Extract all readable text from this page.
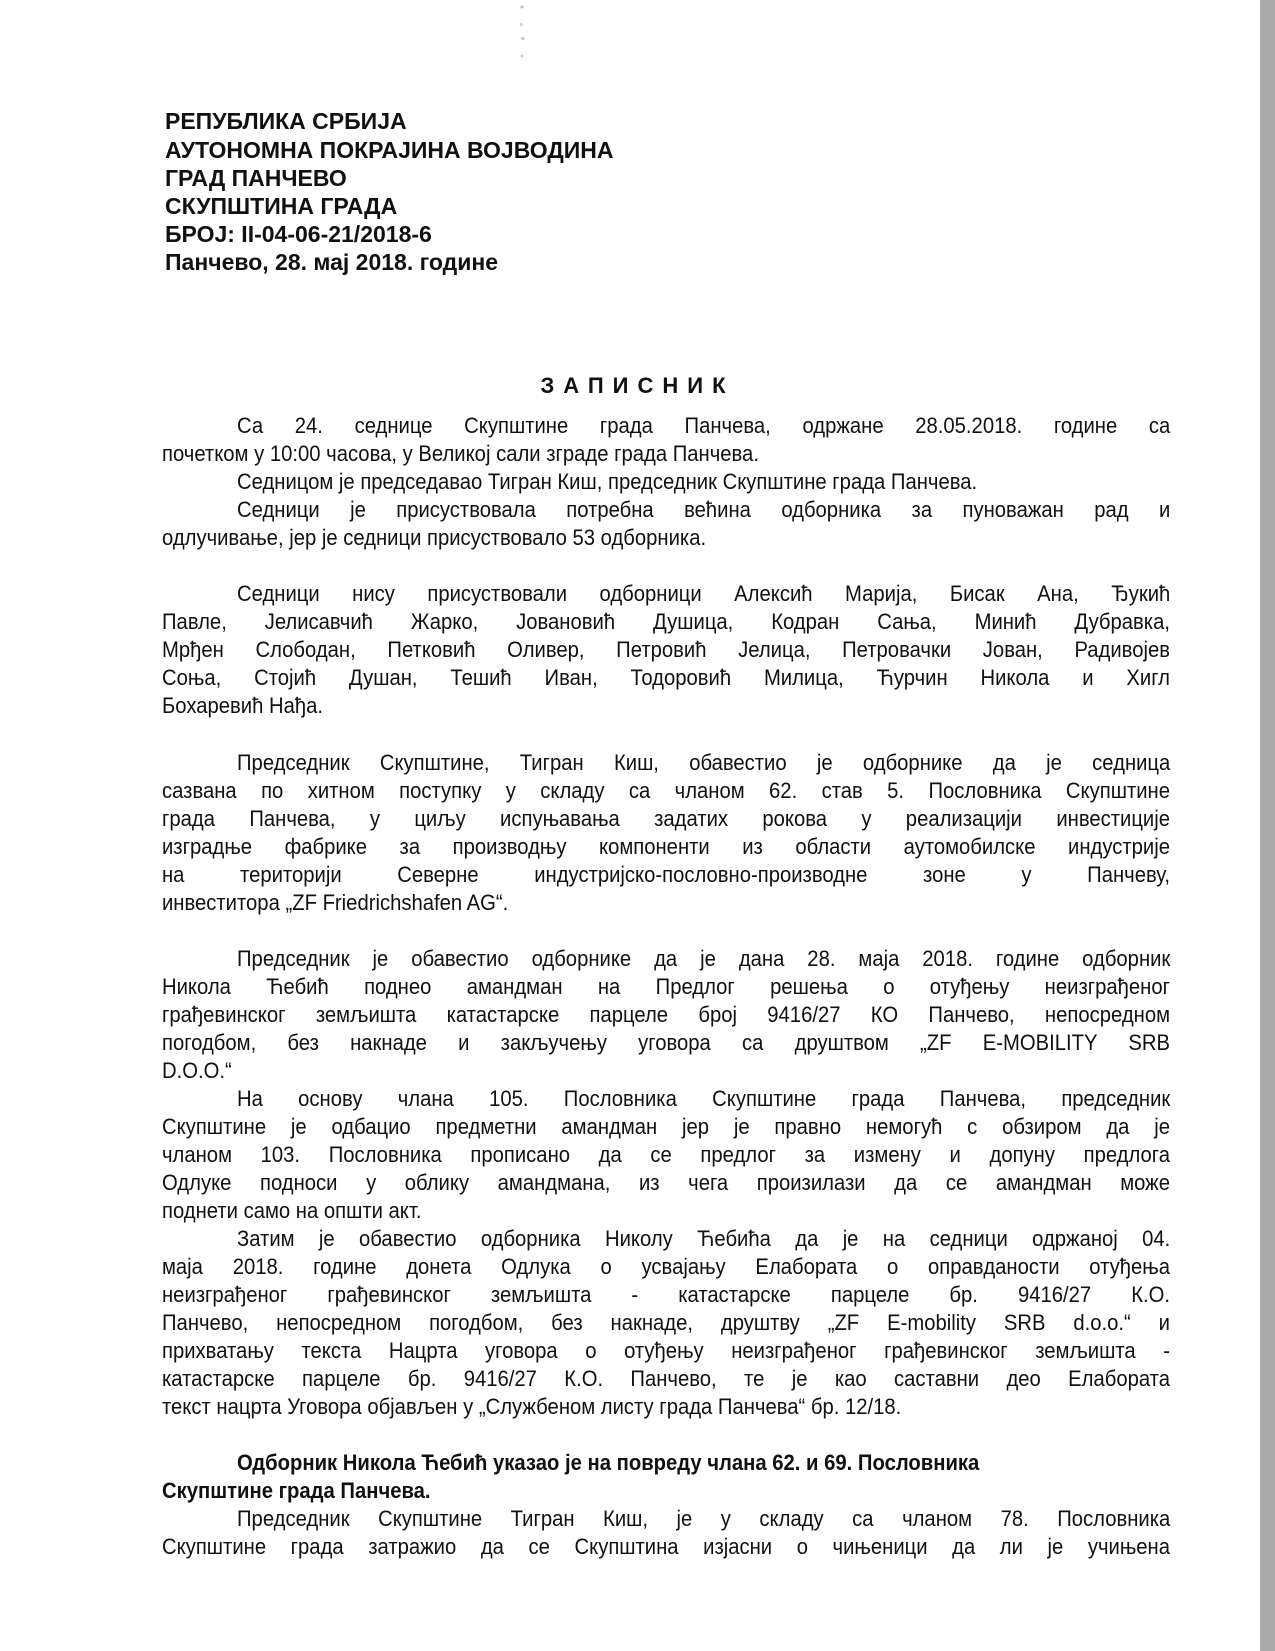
РЕПУБЛИКА СРБИЈА
АУТОНОМНА ПОКРАЈИНА ВОЈВОДИНА
ГРАД ПАНЧЕВО
СКУПШТИНА ГРАДА
БРОЈ: II-04-06-21/2018-6
Панчево, 28. мај 2018. године
ЗАПИСНИК
Са 24. седнице Скупштине града Панчева, одржане 28.05.2018. године са
почетком у 10:00 часова, у Великој сали зграде града Панчева.
Седницом је председавао Тигран Киш, председник Скупштине града Панчева.
Седници је присуствовала потребна већина одборника за пуноважан рад и
одлучивање, јер је седници присуствовало 53 одборника.
Седници нису присуствовали одборници Алексић Марија, Бисак Ана, Ђукић
Павле, Јелисавчић Жарко, Јовановић Душица, Кодран Сања, Минић Дубравка,
Мрђен Слободан, Петковић Оливер, Петровић Јелица, Петровачки Јован, Радивојев
Соња, Стојић Душан, Тешић Иван, Тодоровић Милица, Ћурчин Никола и Хигл
Бохаревић Нађа.
Председник Скупштине, Тигран Киш, обавестио је одборнике да је седница
сазвана по хитном поступку у складу са чланом 62. став 5. Пословника Скупштине
града Панчева, у циљу испуњавања задатих рокова у реализацији инвестиције
изградње фабрике за производњу компоненти из области аутомобилске индустрије
на територији Северне индустријско-пословно-производне зоне у Панчеву,
инвеститора „ZF Friedrichshafen AG“.
Председник је обавестио одборнике да је дана 28. маја 2018. године одборник
Никола Ћебић поднео амандман на Предлог решења о отуђењу неизграђеног
грађевинског земљишта катастарске парцеле број 9416/27 КО Панчево, непосредном
погодбом, без накнаде и закључењу уговора са друштвом „ZF E-MOBILITY SRB
D.O.O.“
На основу члана 105. Пословника Скупштине града Панчева, председник
Скупштине је одбацио предметни амандман јер је правно немогућ с обзиром да је
чланом 103. Пословника прописано да се предлог за измену и допуну предлога
Одлуке подноси у облику амандмана, из чега произилази да се амандман може
поднети само на општи акт.
Затим је обавестио одборника Николу Ћебића да је на седници одржаној 04.
маја 2018. године донета Одлука о усвајању Елабората о оправданости отуђења
неизграђеног грађевинског земљишта - катастарске парцеле бр. 9416/27 К.О.
Панчево, непосредном погодбом, без накнаде, друштву „ZF E-mobility SRB d.o.o.“ и
прихватању текста Нацрта уговора о отуђењу неизграђеног грађевинског земљишта -
катастарске парцеле бр. 9416/27 К.О. Панчево, те је као саставни део Елабората
текст нацрта Уговора објављен у „Службеном листу града Панчева“ бр. 12/18.
Одборник Никола Ћебић указао је на повреду члана 62. и 69. Пословника
Скупштине града Панчева.
Председник Скупштине Тигран Киш, је у складу са чланом 78. Пословника
Скупштине града затражио да се Скупштина изјасни о чињеници да ли је учињена
